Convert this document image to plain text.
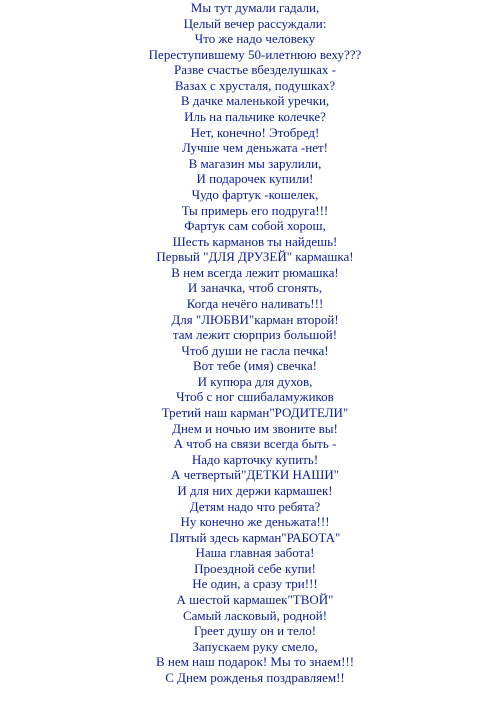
Мы тут думали гадали,
Целый вечер рассуждали:
Что же надо человеку
Переступившему 50-илетнюю веху???
Разве счастье вбезделушках -
Вазах с хрусталя, подушках?
В дачке маленькой уречки,
Иль на пальчике колечке?
Нет, конечно! Этобред!
Лучше чем деньжата -нет!
В магазин мы зарулили,
И подарочек купили!
Чудо фартук -кошелек,
Ты примерь его подруга!!!
Фартук сам собой хорош,
Шесть карманов ты найдешь!
Первый "ДЛЯ ДРУЗЕЙ" кармашка!
В нем всегда лежит рюмашка!
И заначка, чтоб сгонять,
Когда нечёго наливать!!!
Для "ЛЮБВИ"карман второй!
там лежит сюрприз большой!
Чтоб души не гасла печка!
Вот тебе (имя) свечка!
И купюра для духов,
Чтоб с ног сшибаламужиков
Третий наш карман"РОДИТЕЛИ"
Днем и ночью им звоните вы!
А чтоб на связи всегда быть -
Надо карточку купить!
А четвертый"ДЕТКИ НАШИ"
И для них держи кармашек!
Детям надо что ребята?
Ну конечно же деньжата!!!
Пятый здесь карман"РАБОТА"
Наша главная забота!
Проездной себе купи!
Не один, а сразу три!!!
А шестой кармашек"ТВОЙ"
Самый ласковый, родной!
Греет душу он и тело!
Запускаем руку смело,
В нем наш подарок! Мы то знаем!!!
С Днем рожденья поздравляем!!
